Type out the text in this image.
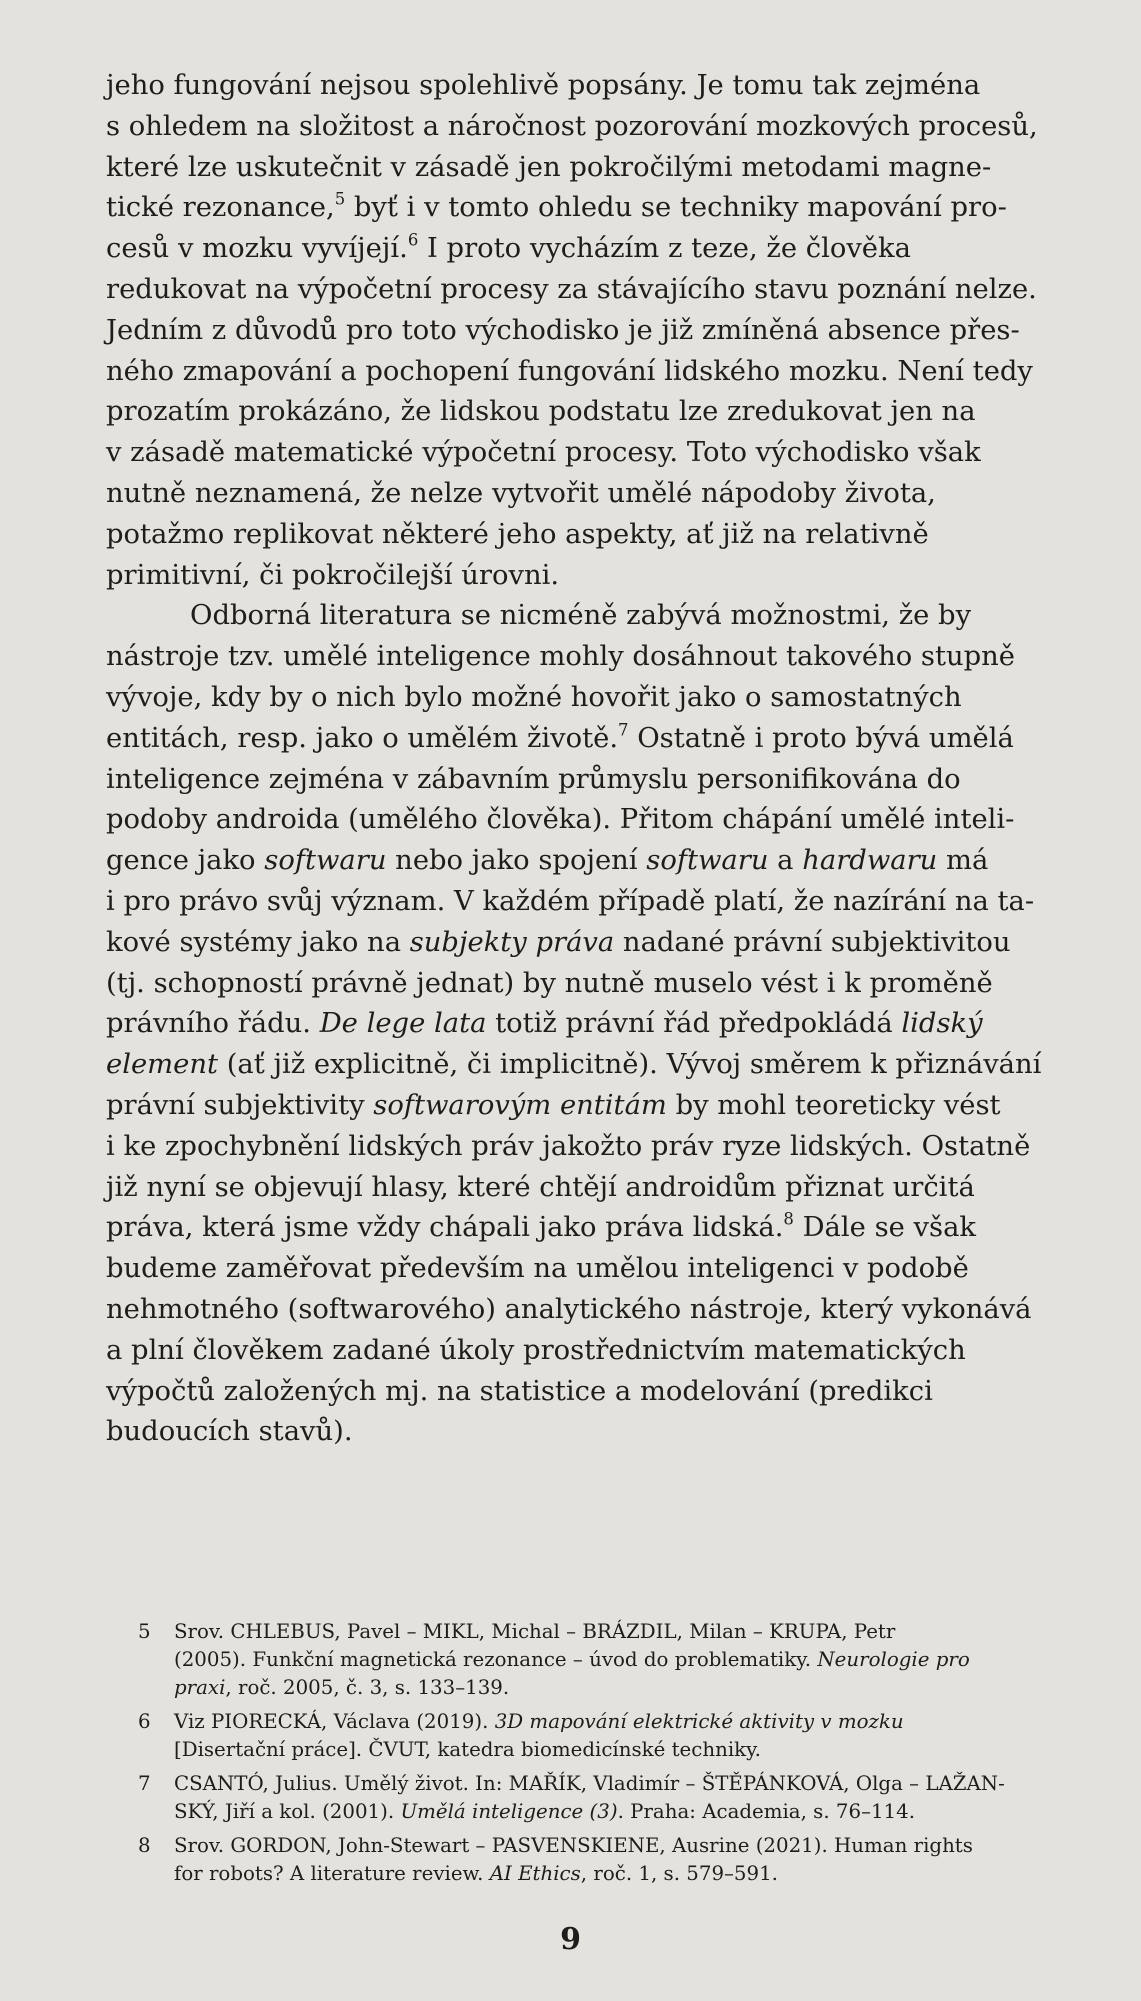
jeho fungování nejsou spolehlivě popsány. Je tomu tak zejména
s ohledem na složitost a náročnost pozorování mozkových procesů,
které lze uskutečnit v zásadě jen pokročilými metodami magne-
tické rezonance,$^5$ byť i v tomto ohledu se techniky mapování pro-
cesů v mozku vyvíjejí.$^6$ I proto vycházím z teze, že člověka
redukovat na výpočetní procesy za stávajícího stavu poznání nelze.
Jedním z důvodů pro toto východisko je již zmíněná absence přes-
ného zmapování a pochopení fungování lidského mozku. Není tedy
prozatím prokázáno, že lidskou podstatu lze zredukovat jen na
v zásadě matematické výpočetní procesy. Toto východisko však
nutně neznamená, že nelze vytvořit umělé nápodoby života,
potažmo replikovat některé jeho aspekty, ať již na relativně
primitivní, či pokročilejší úrovni.
Odborná literatura se nicméně zabývá možnostmi, že by
nástroje tzv. umělé inteligence mohly dosáhnout takového stupně
vývoje, kdy by o nich bylo možné hovořit jako o samostatných
entitách, resp. jako o umělém životě.$^7$ Ostatně i proto bývá umělá
inteligence zejména v zábavním průmyslu personifikována do
podoby androida (umělého člověka). Přitom chápání umělé inteli-
gence jako softwaru nebo jako spojení softwaru a hardwaru má
i pro právo svůj význam. V každém případě platí, že nazírání na ta-
kové systémy jako na subjekty práva nadané právní subjektivitou
(tj. schopností právně jednat) by nutně muselo vést i k proměně
právního řádu. De lege lata totiž právní řád předpokládá lidský
element (ať již explicitně, či implicitně). Vývoj směrem k přiznávání
právní subjektivity softwarovým entitám by mohl teoreticky vést
i ke zpochybnění lidských práv jakožto práv ryze lidských. Ostatně
již nyní se objevují hlasy, které chtějí androidům přiznat určitá
práva, která jsme vždy chápali jako práva lidská.$^8$ Dále se však
budeme zaměřovat především na umělou inteligenci v podobě
nehmotného (softwarového) analytického nástroje, který vykonává
a plní člověkem zadané úkoly prostřednictvím matematických
výpočtů založených mj. na statistice a modelování (predikci
budoucích stavů).
5 Srov. CHLEBUS, Pavel – MIKL, Michal – BRÁZDIL, Milan – KRUPA, Petr
(2005). Funkční magnetická rezonance – úvod do problematiky. Neurologie pro
praxi, roč. 2005, č. 3, s. 133–139.
6 Viz PIORECKÁ, Václava (2019). 3D mapování elektrické aktivity v mozku
[Disertační práce]. ČVUT, katedra biomedicínské techniky.
7 CSANTÓ, Julius. Umělý život. In: MAŘÍK, Vladimír – ŠTĚPÁNKOVÁ, Olga – LAŽAN-
SKÝ, Jiří a kol. (2001). Umělá inteligence (3). Praha: Academia, s. 76–114.
8 Srov. GORDON, John-Stewart – PASVENSKIENE, Ausrine (2021). Human rights
for robots? A literature review. AI Ethics, roč. 1, s. 579–591.
9
